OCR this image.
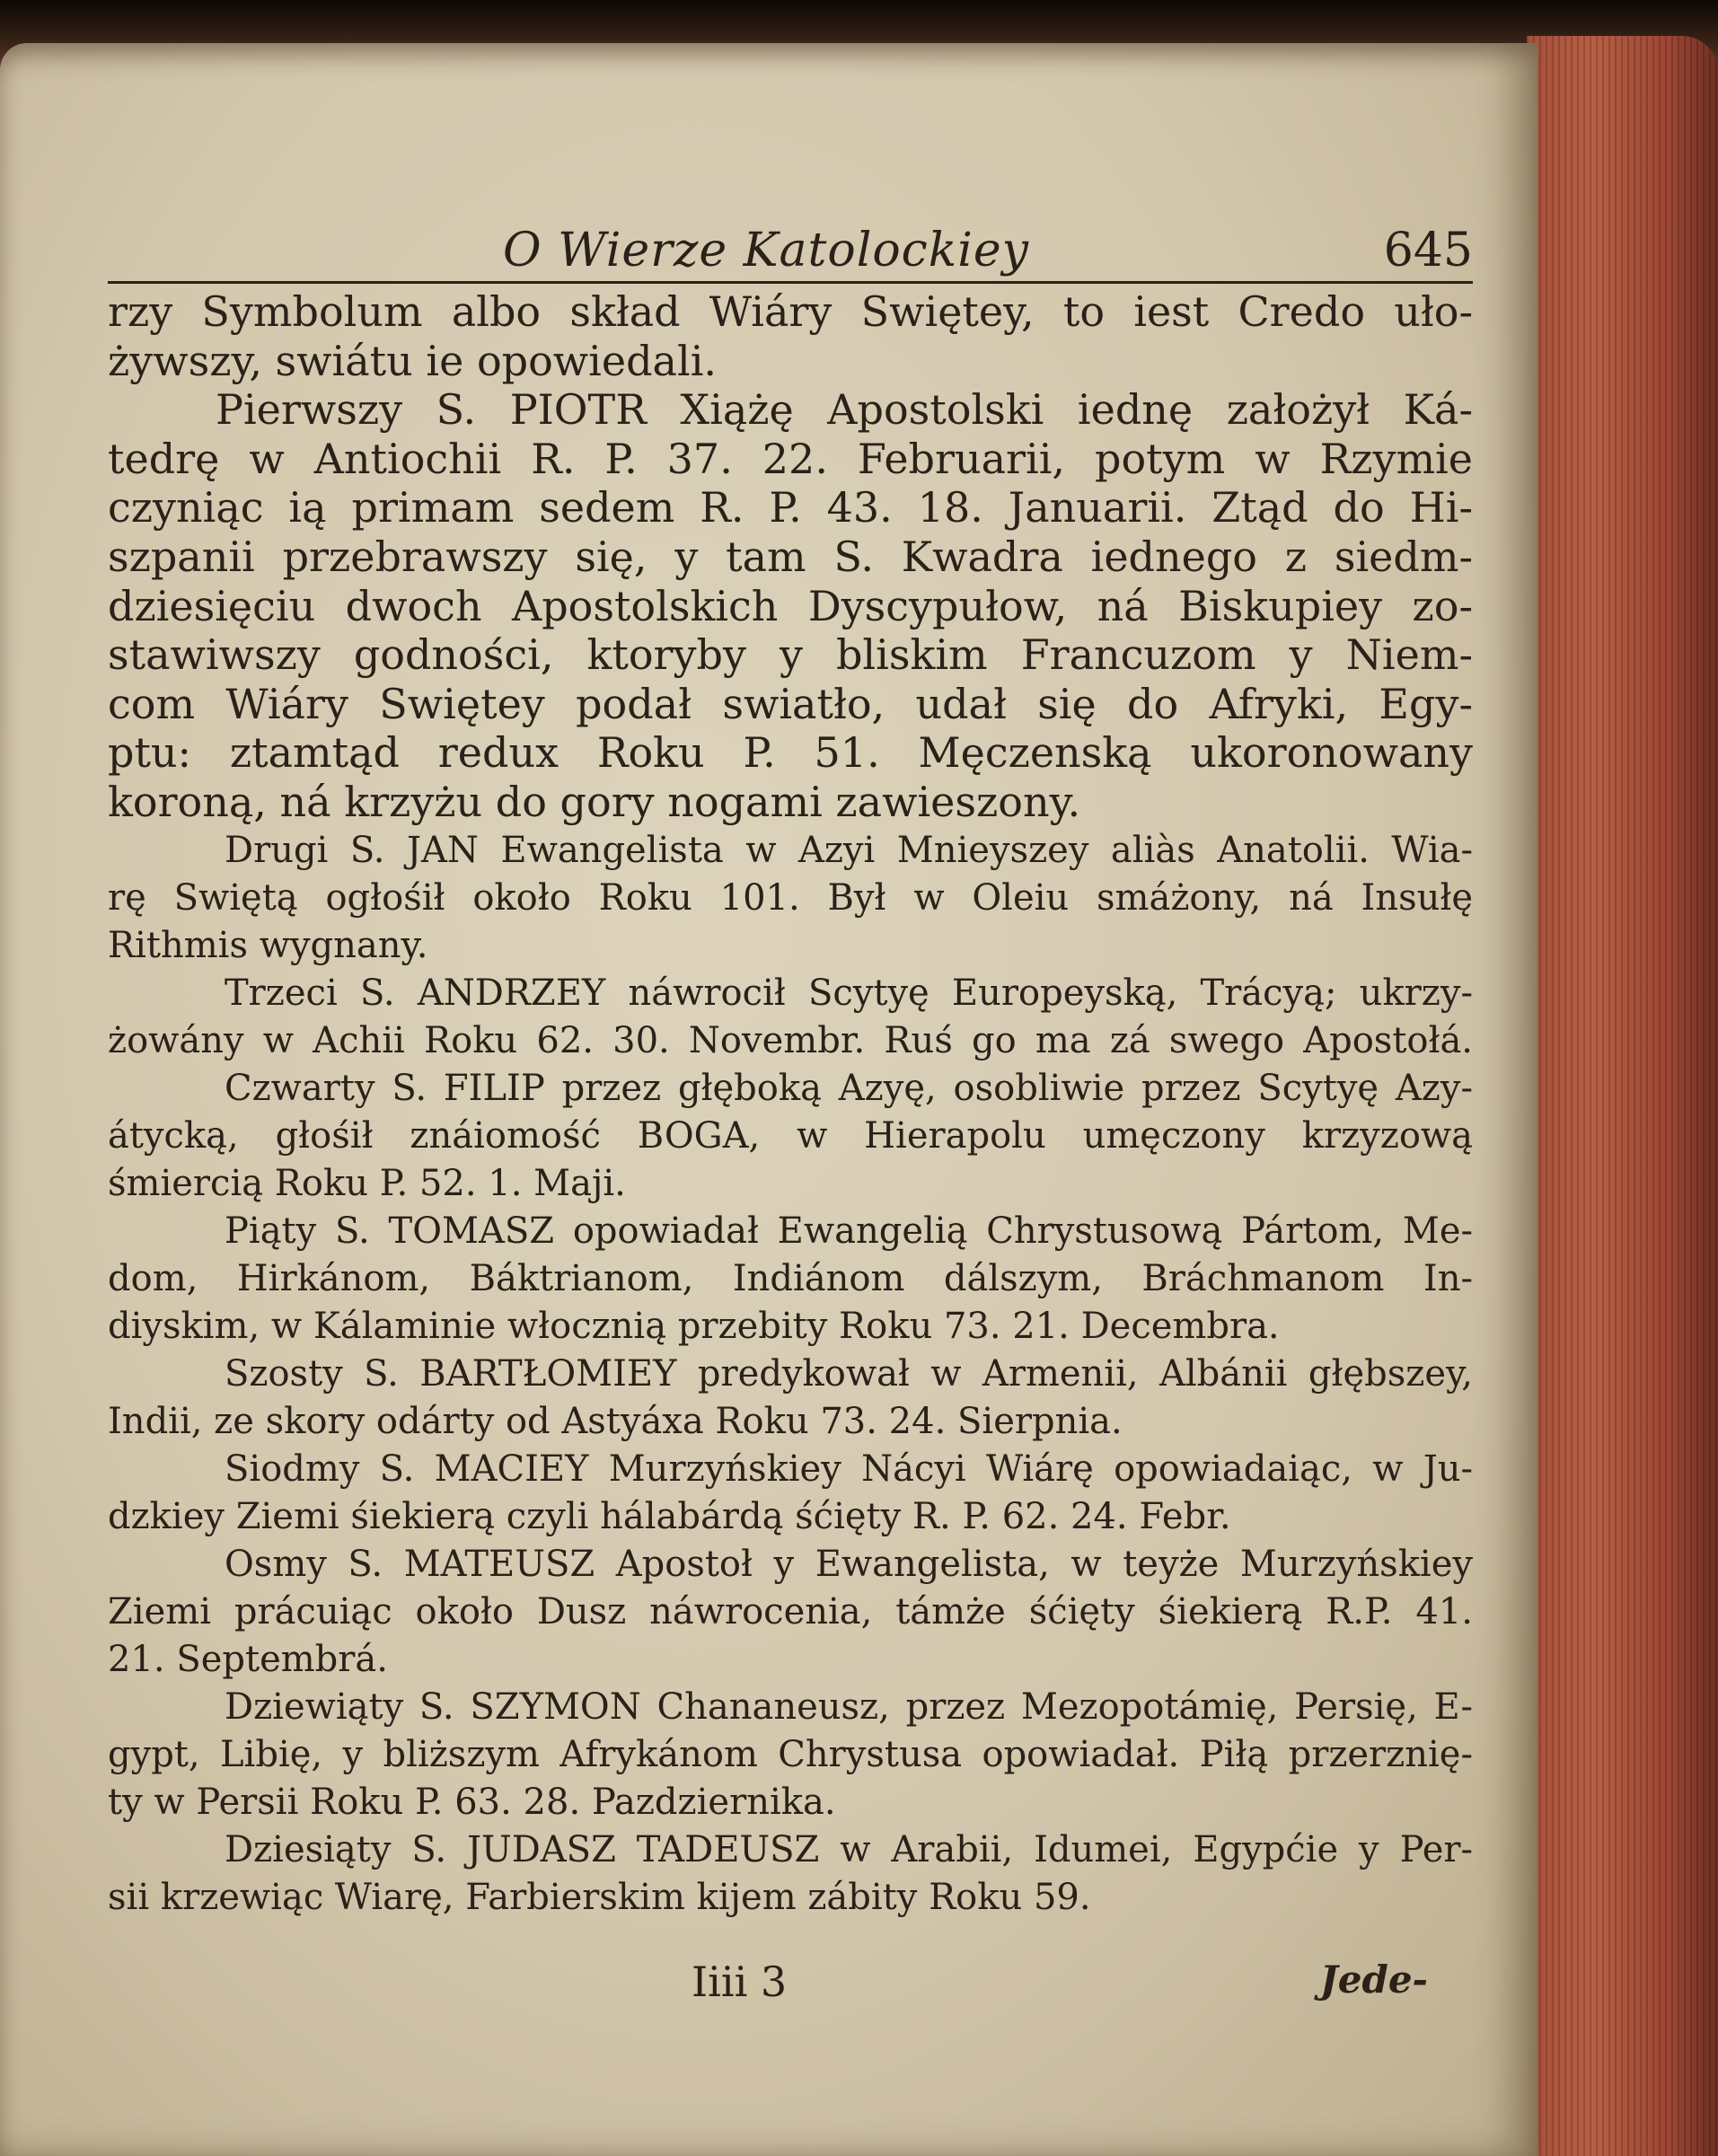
O Wierze Katolockiey	645
rzy Symbolum albo skład Wiáry Swiętey, to iest Credo uło-
żywszy, swiátu ie opowiedali.
Pierwszy S. PIOTR Xiążę Apostolski iednę założył Ká-
tedrę w Antiochii R. P. 37. 22. Februarii, potym w Rzymie
czyniąc ią primam sedem R. P. 43. 18. Januarii. Ztąd do Hi-
szpanii przebrawszy się, y tam S. Kwadra iednego z siedm-
dziesięciu dwoch Apostolskich Dyscypułow, ná Biskupiey zo-
stawiwszy godności, ktoryby y bliskim Francuzom y Niem-
com Wiáry Swiętey podał swiatło, udał się do Afryki, Egy-
ptu: ztamtąd redux Roku P. 51. Męczenską ukoronowany
koroną, ná krzyżu do gory nogami zawieszony.
Drugi S. JAN Ewangelista w Azyi Mnieyszey aliàs Anatolii. Wia-
rę Swiętą ogłośił około Roku 101. Był w Oleiu smáżony, ná Insułę
Rithmis wygnany.
Trzeci S. ANDRZEY náwrocił Scytyę Europeyską, Trácyą; ukrzy-
żowány w Achii Roku 62. 30. Novembr. Ruś go ma zá swego Apostołá.
Czwarty S. FILIP przez głęboką Azyę, osobliwie przez Scytyę Azy-
átycką, głośił znáiomość BOGA, w Hierapolu umęczony krzyzową
śmiercią Roku P. 52. 1. Maji.
Piąty S. TOMASZ opowiadał Ewangelią Chrystusową Pártom, Me-
dom, Hirkánom, Báktrianom, Indiánom dálszym, Bráchmanom In-
diyskim, w Kálaminie włocznią przebity Roku 73. 21. Decembra.
Szosty S. BARTŁOMIEY predykował w Armenii, Albánii głębszey,
Indii, ze skory odárty od Astyáxa Roku 73. 24. Sierpnia.
Siodmy S. MACIEY Murzyńskiey Nácyi Wiárę opowiadaiąc, w Ju-
dzkiey Ziemi śiekierą czyli hálabárdą śćięty R. P. 62. 24. Febr.
Osmy S. MATEUSZ Apostoł y Ewangelista, w teyże Murzyńskiey
Ziemi prácuiąc około Dusz náwrocenia, támże śćięty śiekierą R.P. 41.
21. Septembrá.
Dziewiąty S. SZYMON Chananeusz, przez Mezopotámię, Persię, E-
gypt, Libię, y bliższym Afrykánom Chrystusa opowiadał. Piłą przerznię-
ty w Persii Roku P. 63. 28. Pazdziernika.
Dziesiąty S. JUDASZ TADEUSZ w Arabii, Idumei, Egypćie y Per-
sii krzewiąc Wiarę, Farbierskim kijem zábity Roku 59.
Iiii 3	Jede-
